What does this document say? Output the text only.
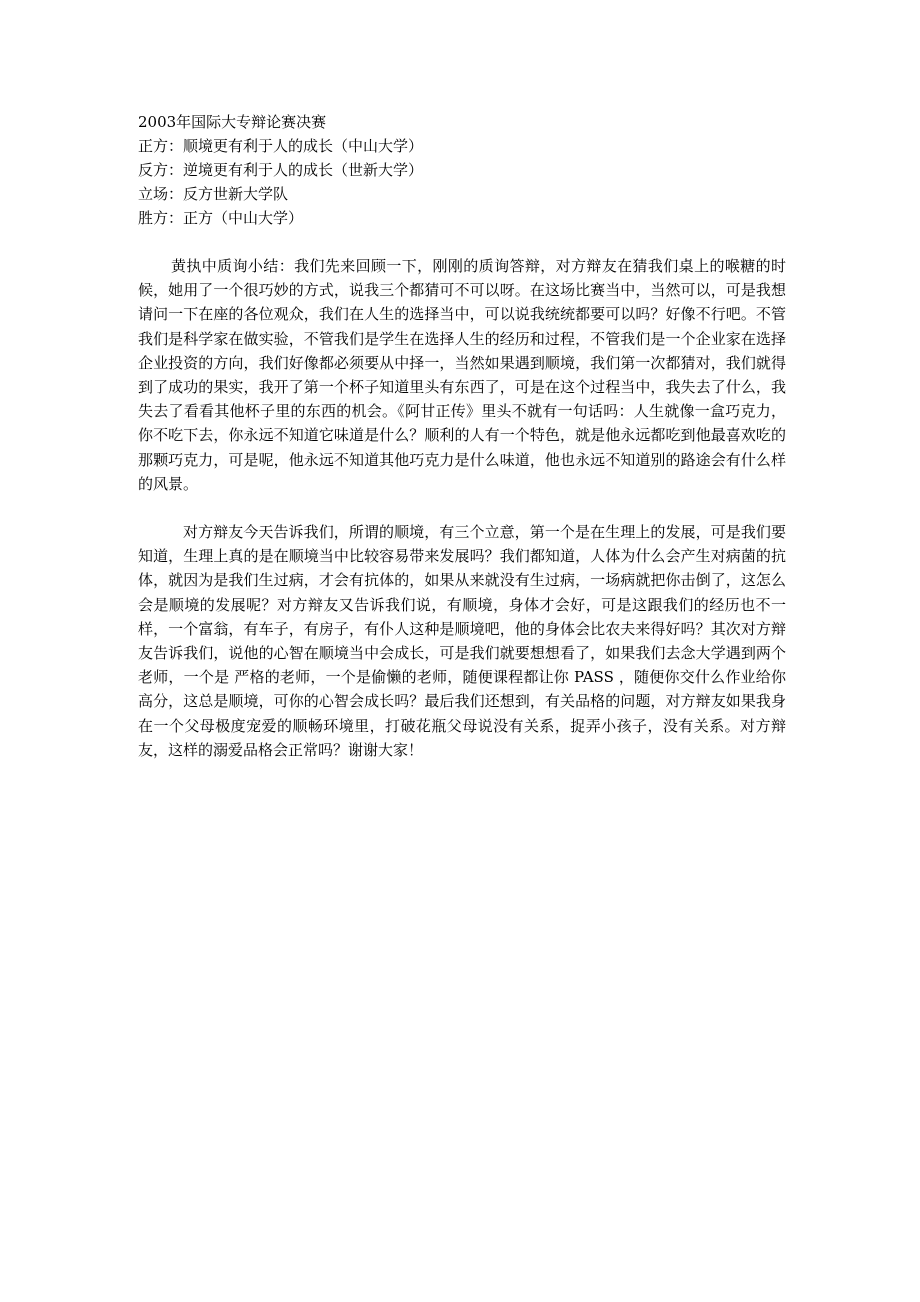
2003年国际大专辩论赛决赛
正方：顺境更有利于人的成长（中山大学）
反方：逆境更有利于人的成长（世新大学）
立场：反方世新大学队
胜方：正方（中山大学）

黄执中质询小结：我们先来回顾一下，刚刚的质询答辩，对方辩友在猜我们桌上的喉糖的时候，她用了一个很巧妙的方式，说我三个都猜可不可以呀。在这场比赛当中，当然可以，可是我想请问一下在座的各位观众，我们在人生的选择当中，可以说我统统都要可以吗？好像不行吧。不管我们是科学家在做实验，不管我们是学生在选择人生的经历和过程，不管我们是一个企业家在选择企业投资的方向，我们好像都必须要从中择一，当然如果遇到顺境，我们第一次都猜对，我们就得到了成功的果实，我开了第一个杯子知道里头有东西了，可是在这个过程当中，我失去了什么，我失去了看看其他杯子里的东西的机会。《阿甘正传》里头不就有一句话吗：人生就像一盒巧克力，你不吃下去，你永远不知道它味道是什么？顺利的人有一个特色，就是他永远都吃到他最喜欢吃的那颗巧克力，可是呢，他永远不知道其他巧克力是什么味道，他也永远不知道别的路途会有什么样的风景。

对方辩友今天告诉我们，所谓的顺境，有三个立意，第一个是在生理上的发展，可是我们要知道，生理上真的是在顺境当中比较容易带来发展吗？我们都知道，人体为什么会产生对病菌的抗体，就因为是我们生过病，才会有抗体的，如果从来就没有生过病，一场病就把你击倒了，这怎么会是顺境的发展呢？对方辩友又告诉我们说，有顺境，身体才会好，可是这跟我们的经历也不一样，一个富翁，有车子，有房子，有仆人这种是顺境吧，他的身体会比农夫来得好吗？其次对方辩友告诉我们，说他的心智在顺境当中会成长，可是我们就要想想看了，如果我们去念大学遇到两个老师，一个是 严格的老师，一个是偷懒的老师，随便课程都让你 PASS ，随便你交什么作业给你高分，这总是顺境，可你的心智会成长吗？最后我们还想到，有关品格的问题，对方辩友如果我身在一个父母极度宠爱的顺畅环境里，打破花瓶父母说没有关系，捉弄小孩子，没有关系。对方辩友，这样的溺爱品格会正常吗？谢谢大家！
